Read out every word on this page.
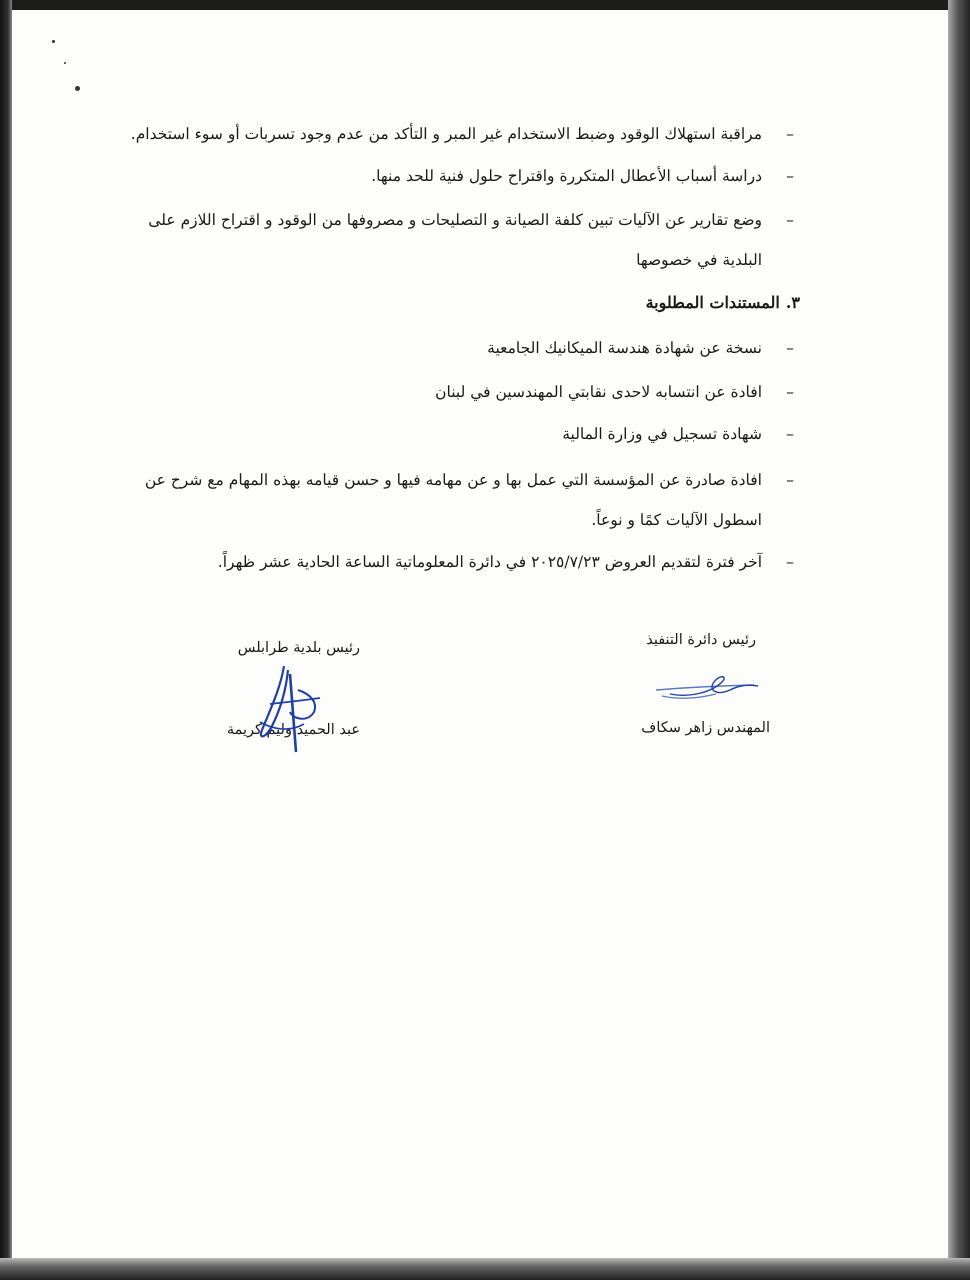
–
مراقبة استهلاك الوقود وضبط الاستخدام غير المبر و التأكد من عدم وجود تسربات أو سوء استخدام.
–
دراسة أسباب الأعطال المتكررة واقتراح حلول فنية للحد منها.
–
وضع تقارير عن الآليات تبين كلفة الصيانة و التصليحات و مصروفها من الوقود و اقتراح اللازم على البلدية في خصوصها
٣.المستندات المطلوبة
–
نسخة عن شهادة هندسة الميكانيك الجامعية
–
افادة عن انتسابه لاحدى نقابتي المهندسين في لبنان
–
شهادة تسجيل في وزارة المالية
–
افادة صادرة عن المؤسسة التي عمل بها و عن مهامه فيها و حسن قيامه بهذه المهام مع شرح عن اسطول الآليات كمًا و نوعاً.
–
آخر فترة لتقديم العروض ٢٠٢٥/٧/٢٣ في دائرة المعلوماتية الساعة الحادية عشر ظهراً.
رئيس دائرة التنفيذ
المهندس زاهر سكاف
رئيس بلدية طرابلس
عبد الحميد وليم كريمة
